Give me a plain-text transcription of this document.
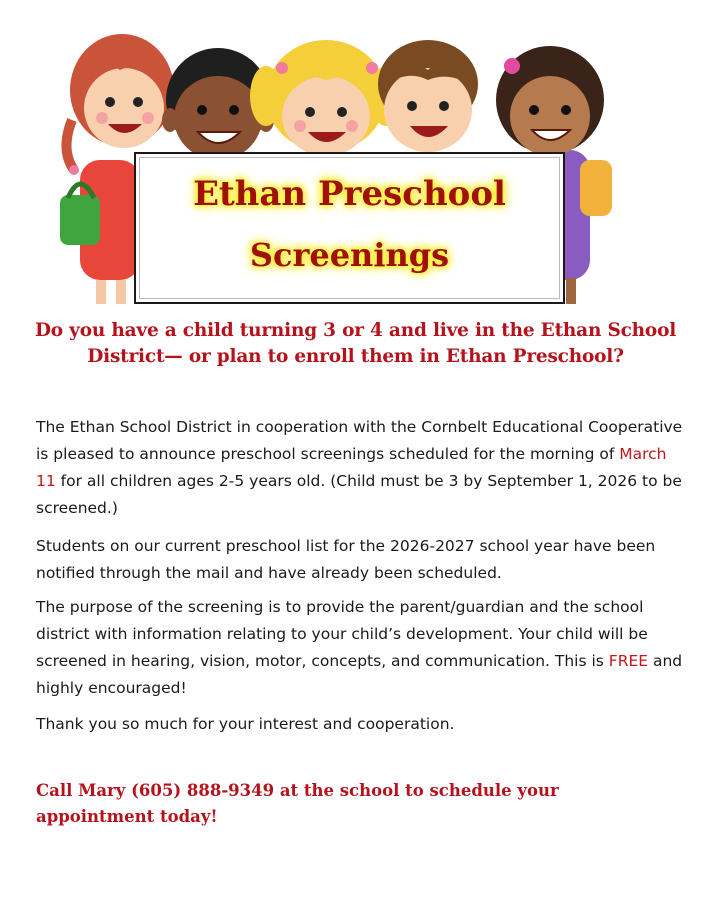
Ethan Preschool
Screenings
Do you have a child turning 3 or 4 and live in the Ethan School
District— or plan to enroll them in Ethan Preschool?
The Ethan School District in cooperation with the Cornbelt Educational Cooperative is pleased to announce preschool screenings scheduled for the morning of March 11 for all children ages 2-5 years old. (Child must be 3 by September 1, 2026 to be screened.)
Students on our current preschool list for the 2026-2027 school year have been notified through the mail and have already been scheduled.
The purpose of the screening is to provide the parent/guardian and the school district with information relating to your child’s development. Your child will be screened in hearing, vision, motor, concepts, and communication. This is FREE and highly encouraged!
Thank you so much for your interest and cooperation.
Call Mary (605) 888-9349 at the school to schedule your
appointment today!
